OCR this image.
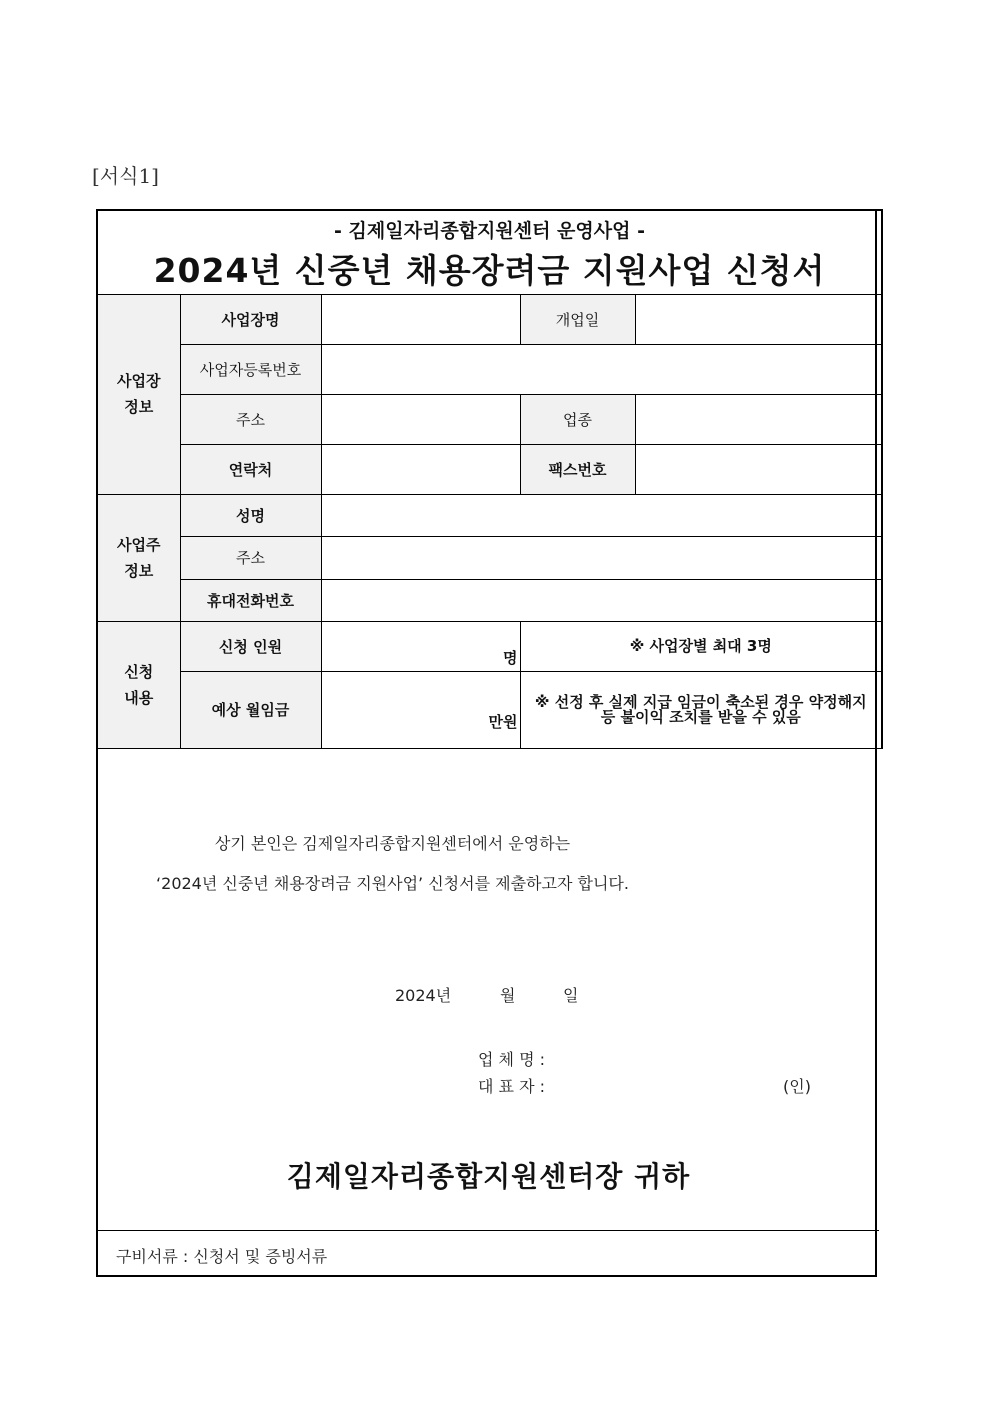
[서식1]
- 김제일자리종합지원센터 운영사업 -
2024년 신중년 채용장려금 지원사업 신청서				

사업장
정보	사업장명		개업일	
	사업자등록번호			
	주소		업종	
	연락처		팩스번호	

사업주
정보	성명			
	주소			
	휴대전화번호			

신청
내용	신청 인원	명	※ 사업장별 최대 3명	
	예상 월임금	만원	※ 선정 후 실제 지급 임금이 축소된 경우 약정해지 등 불이익 조치를 받을 수 있음	
상기 본인은 김제일자리종합지원센터에서 운영하는
‘2024년 신중년 채용장려금 지원사업’ 신청서를 제출하고자 합니다.
2024년	월	일
업 체 명 :
대 표 자 :	(인)
김제일자리종합지원센터장 귀하
구비서류 : 신청서 및 증빙서류
